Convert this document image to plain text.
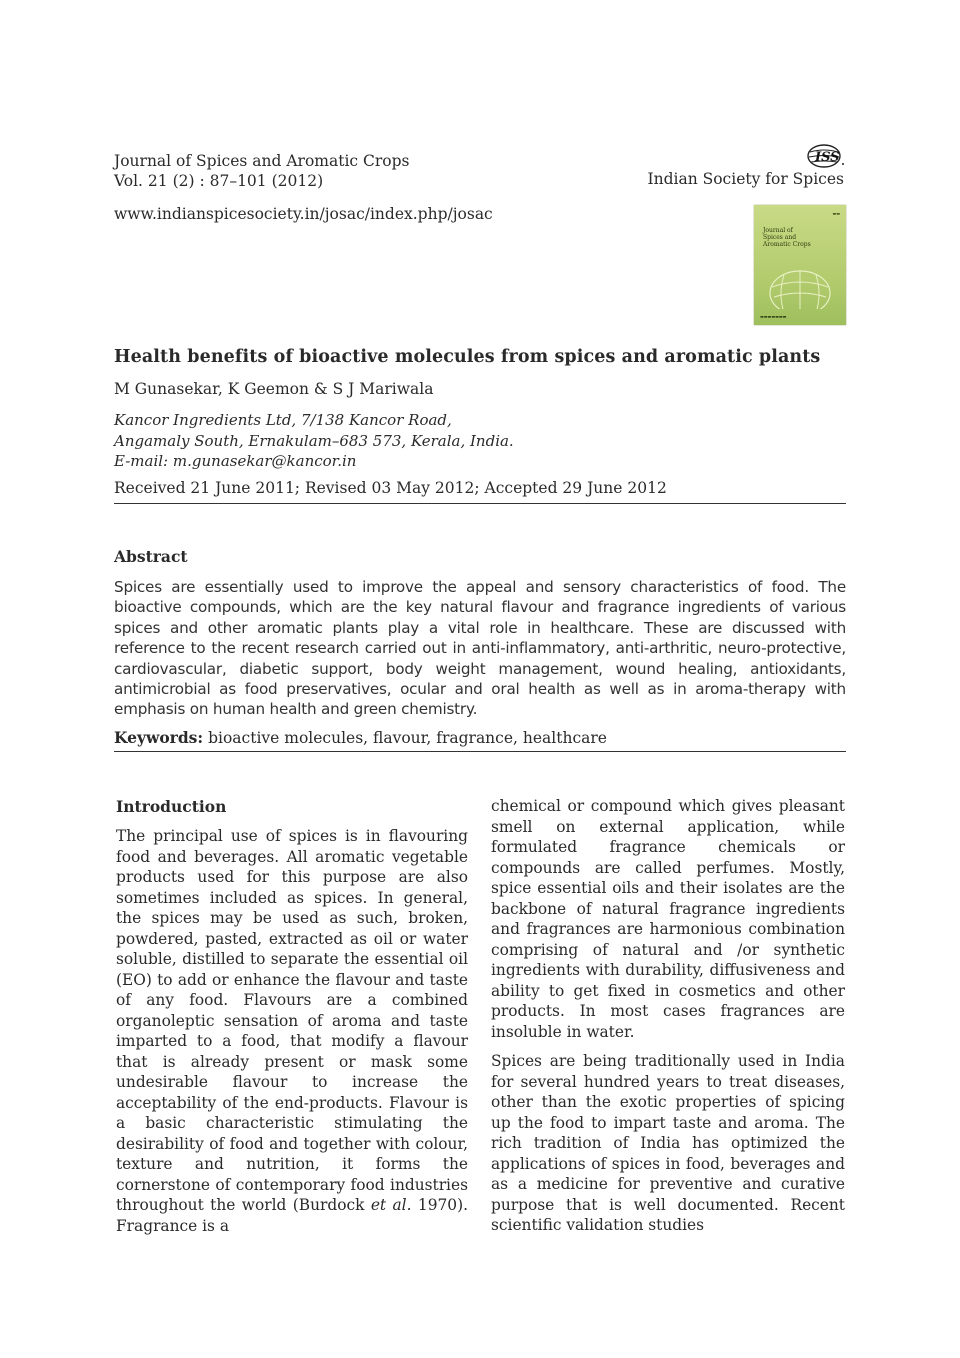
Journal of Spices and Aromatic Crops
Vol. 21 (2) : 87–101 (2012)
www.indianspicesociety.in/josac/index.php/josac
ISS
Indian Society for Spices
▬▬
Journal of
Spices and
Aromatic Crops
▬▬▬▬▬▬▬
Health benefits of bioactive molecules from spices and aromatic plants
M Gunasekar, K Geemon & S J Mariwala
Kancor Ingredients Ltd, 7/138 Kancor Road,
Angamaly South, Ernakulam–683 573, Kerala, India.
E-mail: m.gunasekar@kancor.in
Received 21 June 2011; Revised 03 May 2012; Accepted 29 June 2012
Abstract
Spices are essentially used to improve the appeal and sensory characteristics of food. The bioactive compounds, which are the key natural flavour and fragrance ingredients of various spices and other aromatic plants play a vital role in healthcare. These are discussed with reference to the recent research carried out in anti-inflammatory, anti-arthritic, neuro-protective, cardiovascular, diabetic support, body weight management, wound healing, antioxidants, antimicrobial as food preservatives, ocular and oral health as well as in aroma-therapy with emphasis on human health and green chemistry.
Keywords: bioactive molecules, flavour, fragrance, healthcare
Introduction

The principal use of spices is in flavouring food and beverages. All aromatic vegetable products used for this purpose are also sometimes included as spices. In general, the spices may be used as such, broken, powdered, pasted, extracted as oil or water soluble, distilled to separate the essential oil (EO) to add or enhance the flavour and taste of any food. Flavours are a combined organoleptic sensation of aroma and taste imparted to a food, that modify a flavour that is already present or mask some undesirable flavour to increase the acceptability of the end-products. Flavour is a basic characteristic stimulating the desirability of food and together with colour, texture and nutrition, it forms the cornerstone of contemporary food industries throughout the world (Burdock et al. 1970). Fragrance is a

chemical or compound which gives pleasant smell on external application, while formulated fragrance chemicals or compounds are called perfumes. Mostly, spice essential oils and their isolates are the backbone of natural fragrance ingredients and fragrances are harmonious combination comprising of natural and /or synthetic ingredients with durability, diffusiveness and ability to get fixed in cosmetics and other products. In most cases fragrances are insoluble in water.

Spices are being traditionally used in India for several hundred years to treat diseases, other than the exotic properties of spicing up the food to impart taste and aroma. The rich tradition of India has optimized the applications of spices in food, beverages and as a medicine for preventive and curative purpose that is well documented. Recent scientific validation studies
